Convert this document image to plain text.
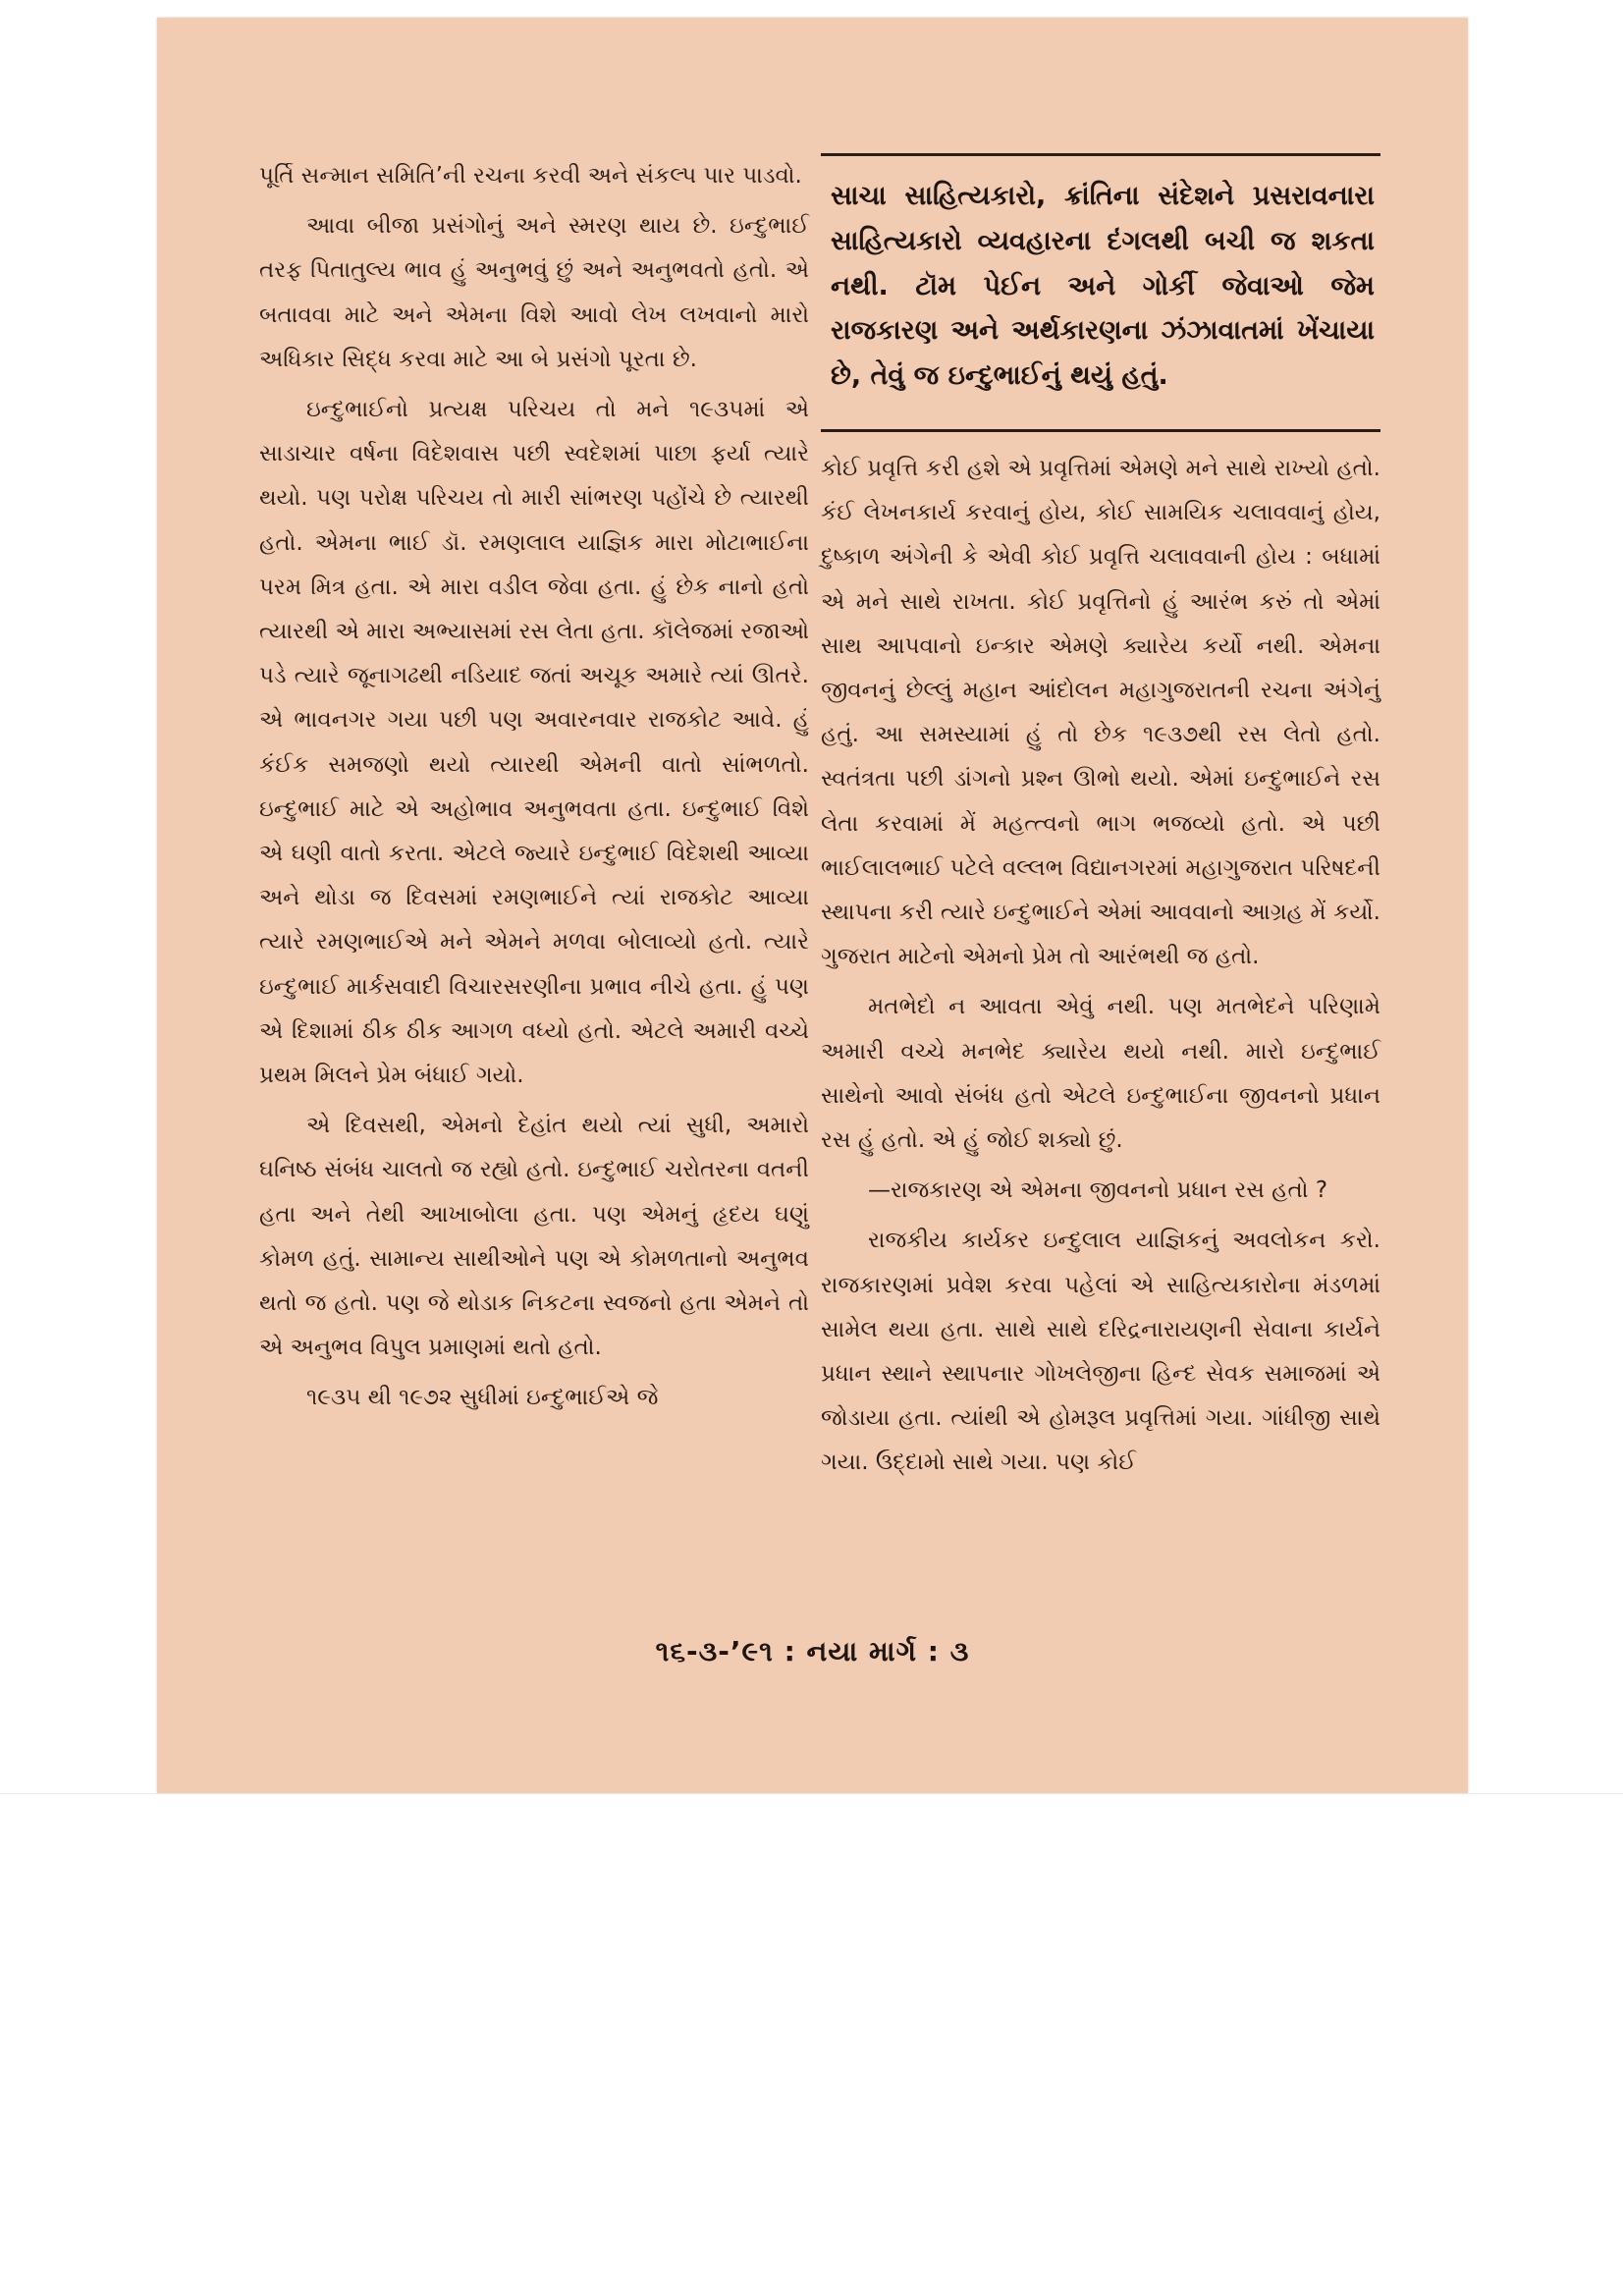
પૂર્તિ સન્માન સમિતિ’ની રચના કરવી અને સંકલ્પ પાર પાડવો.

આવા બીજા પ્રસંગોનું અને સ્મરણ થાય છે. ઇન્દુભાઈ તરફ પિતાતુલ્ય ભાવ હું અનુભવું છું અને અનુભવતો હતો. એ બતાવવા માટે અને એમના વિશે આવો લેખ લખવાનો મારો અધિકાર સિદ્ધ કરવા માટે આ બે પ્રસંગો પૂરતા છે.

ઇન્દુભાઈનો પ્રત્યક્ષ પરિચય તો મને ૧૯૩૫માં એ સાડાચાર વર્ષના વિદેશવાસ પછી સ્વદેશમાં પાછા ફર્યા ત્યારે થયો. પણ પરોક્ષ પરિચય તો મારી સાંભરણ પહોંચે છે ત્યારથી હતો. એમના ભાઈ ડૉ. રમણલાલ યાજ્ઞિક મારા મોટાભાઈના પરમ મિત્ર હતા. એ મારા વડીલ જેવા હતા. હું છેક નાનો હતો ત્યારથી એ મારા અભ્યાસમાં રસ લેતા હતા. કૉલેજમાં રજાઓ પડે ત્યારે જૂનાગઢથી નડિયાદ જતાં અચૂક અમારે ત્યાં ઊતરે. એ ભાવનગર ગયા પછી પણ અવારનવાર રાજકોટ આવે. હું કંઈક સમજણો થયો ત્યારથી એમની વાતો સાંભળતો. ઇન્દુભાઈ માટે એ અહોભાવ અનુભવતા હતા. ઇન્દુભાઈ વિશે એ ઘણી વાતો કરતા. એટલે જ્યારે ઇન્દુભાઈ વિદેશથી આવ્યા અને થોડા જ દિવસમાં રમણભાઈને ત્યાં રાજકોટ આવ્યા ત્યારે રમણભાઈએ મને એમને મળવા બોલાવ્યો હતો. ત્યારે ઇન્દુભાઈ માર્કસવાદી વિચારસરણીના પ્રભાવ નીચે હતા. હું પણ એ દિશામાં ઠીક ઠીક આગળ વધ્યો હતો. એટલે અમારી વચ્ચે પ્રથમ મિલને પ્રેમ બંધાઈ ગયો.

એ દિવસથી, એમનો દેહાંત થયો ત્યાં સુધી, અમારો ઘનિષ્ઠ સંબંધ ચાલતો જ રહ્યો હતો. ઇન્દુભાઈ ચરોતરના વતની હતા અને તેથી આખાબોલા હતા. પણ એમનું હૃદય ઘણું કોમળ હતું. સામાન્ય સાથીઓને પણ એ કોમળતાનો અનુભવ થતો જ હતો. પણ જે થોડાક નિકટના સ્વજનો હતા એમને તો એ અનુભવ વિપુલ પ્રમાણમાં થતો હતો.

૧૯૩૫ થી ૧૯૭૨ સુધીમાં ઇન્દુભાઈએ જે

સાચા સાહિત્યકારો, ક્રાંતિના સંદેશને પ્રસરાવનારા સાહિત્યકારો વ્યવહારના દંગલથી બચી જ શકતા નથી. ટૉમ પેઈન અને ગોર્કી જેવાઓ જેમ રાજકારણ અને અર્થકારણના ઝંઝાવાતમાં ખેંચાયા છે, તેવું જ ઇન્દુભાઈનું થયું હતું.

કોઈ પ્રવૃત્તિ કરી હશે એ પ્રવૃત્તિમાં એમણે મને સાથે રાખ્યો હતો. કંઈ લેખનકાર્ય કરવાનું હોય, કોઈ સામયિક ચલાવવાનું હોય, દુષ્કાળ અંગેની કે એવી કોઈ પ્રવૃત્તિ ચલાવવાની હોય : બધામાં એ મને સાથે રાખતા. કોઈ પ્રવૃત્તિનો હું આરંભ કરું તો એમાં સાથ આપવાનો ઇન્કાર એમણે ક્યારેય કર્યો નથી. એમના જીવનનું છેલ્લું મહાન આંદોલન મહાગુજરાતની રચના અંગેનું હતું. આ સમસ્યામાં હું તો છેક ૧૯૩૭થી રસ લેતો હતો. સ્વતંત્રતા પછી ડાંગનો પ્રશ્ન ઊભો થયો. એમાં ઇન્દુભાઈને રસ લેતા કરવામાં મેં મહત્ત્વનો ભાગ ભજવ્યો હતો. એ પછી ભાઈલાલભાઈ પટેલે વલ્લભ વિદ્યાનગરમાં મહાગુજરાત પરિષદની સ્થાપના કરી ત્યારે ઇન્દુભાઈને એમાં આવવાનો આગ્રહ મેં કર્યો. ગુજરાત માટેનો એમનો પ્રેમ તો આરંભથી જ હતો.

મતભેદો ન આવતા એવું નથી. પણ મતભેદને પરિણામે અમારી વચ્ચે મનભેદ ક્યારેય થયો નથી. મારો ઇન્દુભાઈ સાથેનો આવો સંબંધ હતો એટલે ઇન્દુભાઈના જીવનનો પ્રધાન રસ હું હતો. એ હું જોઈ શક્યો છું.

—રાજકારણ એ એમના જીવનનો પ્રધાન રસ હતો ?

રાજકીય કાર્યકર ઇન્દુલાલ યાજ્ઞિકનું અવલોકન કરો. રાજકારણમાં પ્રવેશ કરવા પહેલાં એ સાહિત્યકારોના મંડળમાં સામેલ થયા હતા. સાથે સાથે દરિદ્રનારાયણની સેવાના કાર્યને પ્રધાન સ્થાને સ્થાપનાર ગોખલેજીના હિન્દ સેવક સમાજમાં એ જોડાયા હતા. ત્યાંથી એ હોમરૂલ પ્રવૃત્તિમાં ગયા. ગાંધીજી સાથે ગયા. ઉદ્દામો સાથે ગયા. પણ કોઈ

૧૬-૩-’૯૧ : નયા માર્ગ : ૩
